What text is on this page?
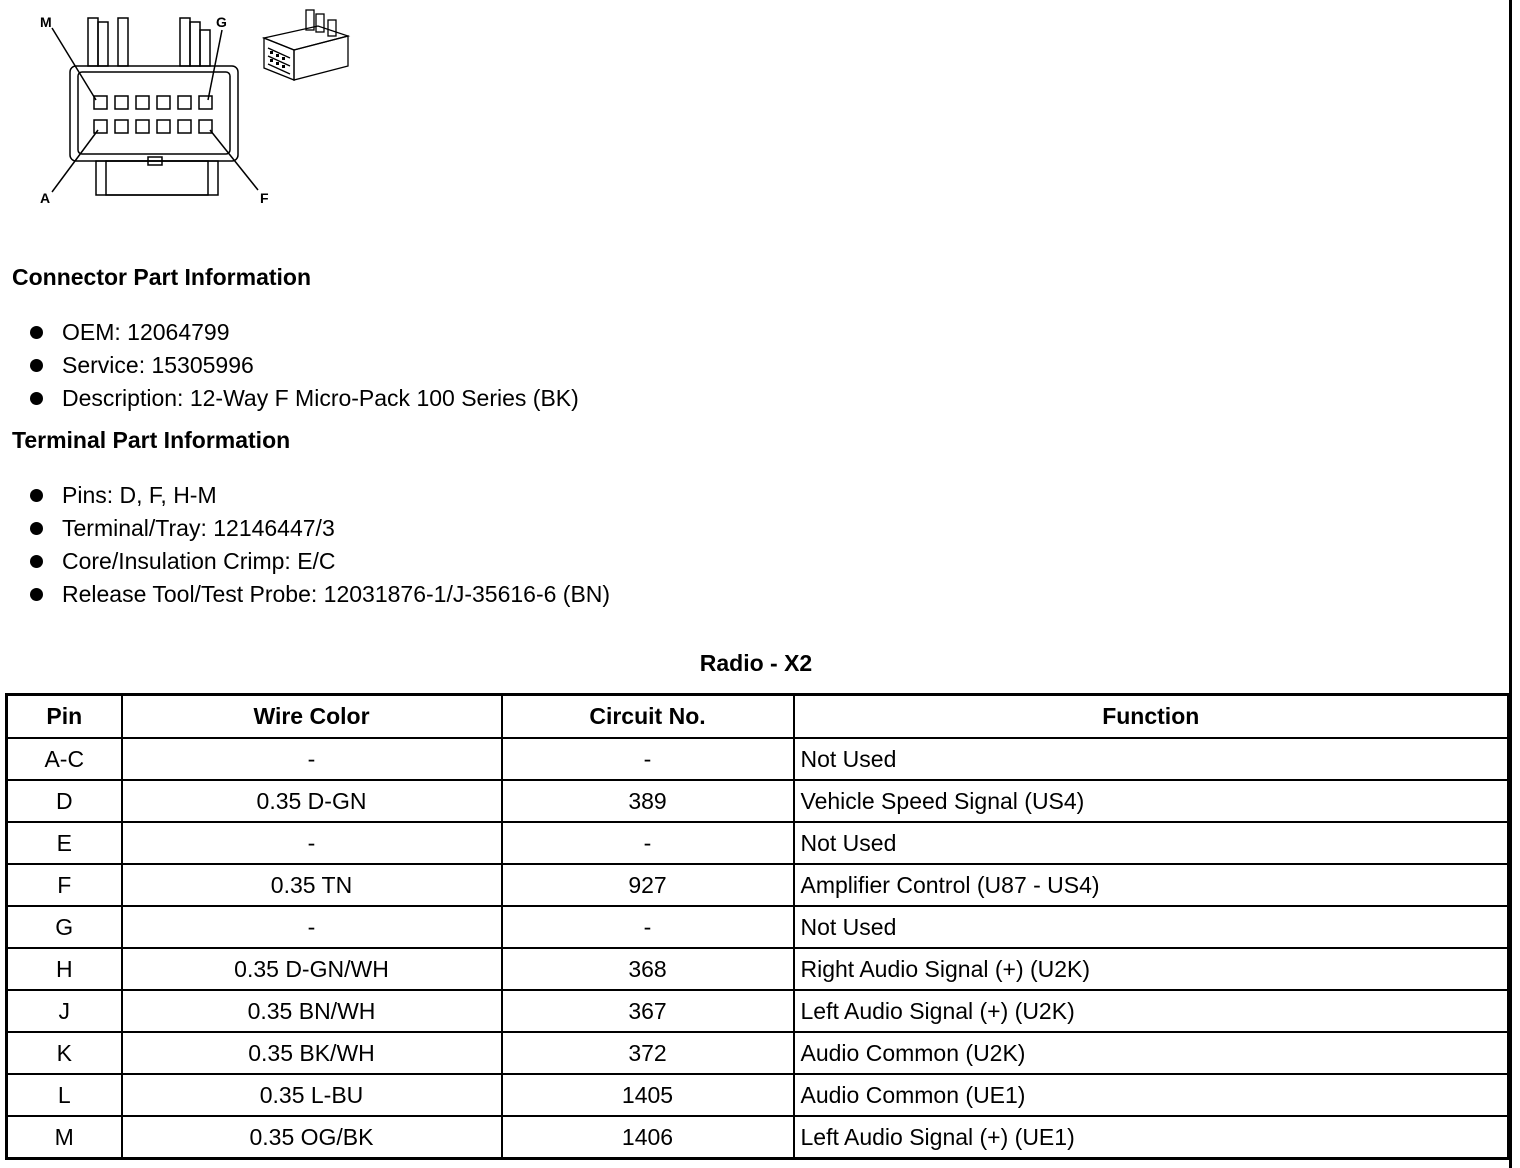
M	G
A	F
Connector Part Information
OEM: 12064799
Service: 15305996
Description: 12-Way F Micro-Pack 100 Series (BK)
Terminal Part Information
Pins: D, F, H-M
Terminal/Tray: 12146447/3
Core/Insulation Crimp: E/C
Release Tool/Test Probe: 12031876-1/J-35616-6 (BN)
Radio - X2
Pin	Wire Color	Circuit No.	Function
A-C	-	-	Not Used
D	0.35 D-GN	389	Vehicle Speed Signal (US4)
E	-	-	Not Used
F	0.35 TN	927	Amplifier Control (U87 - US4)
G	-	-	Not Used
H	0.35 D-GN/WH	368	Right Audio Signal (+) (U2K)
J	0.35 BN/WH	367	Left Audio Signal (+) (U2K)
K	0.35 BK/WH	372	Audio Common (U2K)
L	0.35 L-BU	1405	Audio Common (UE1)
M	0.35 OG/BK	1406	Left Audio Signal (+) (UE1)
